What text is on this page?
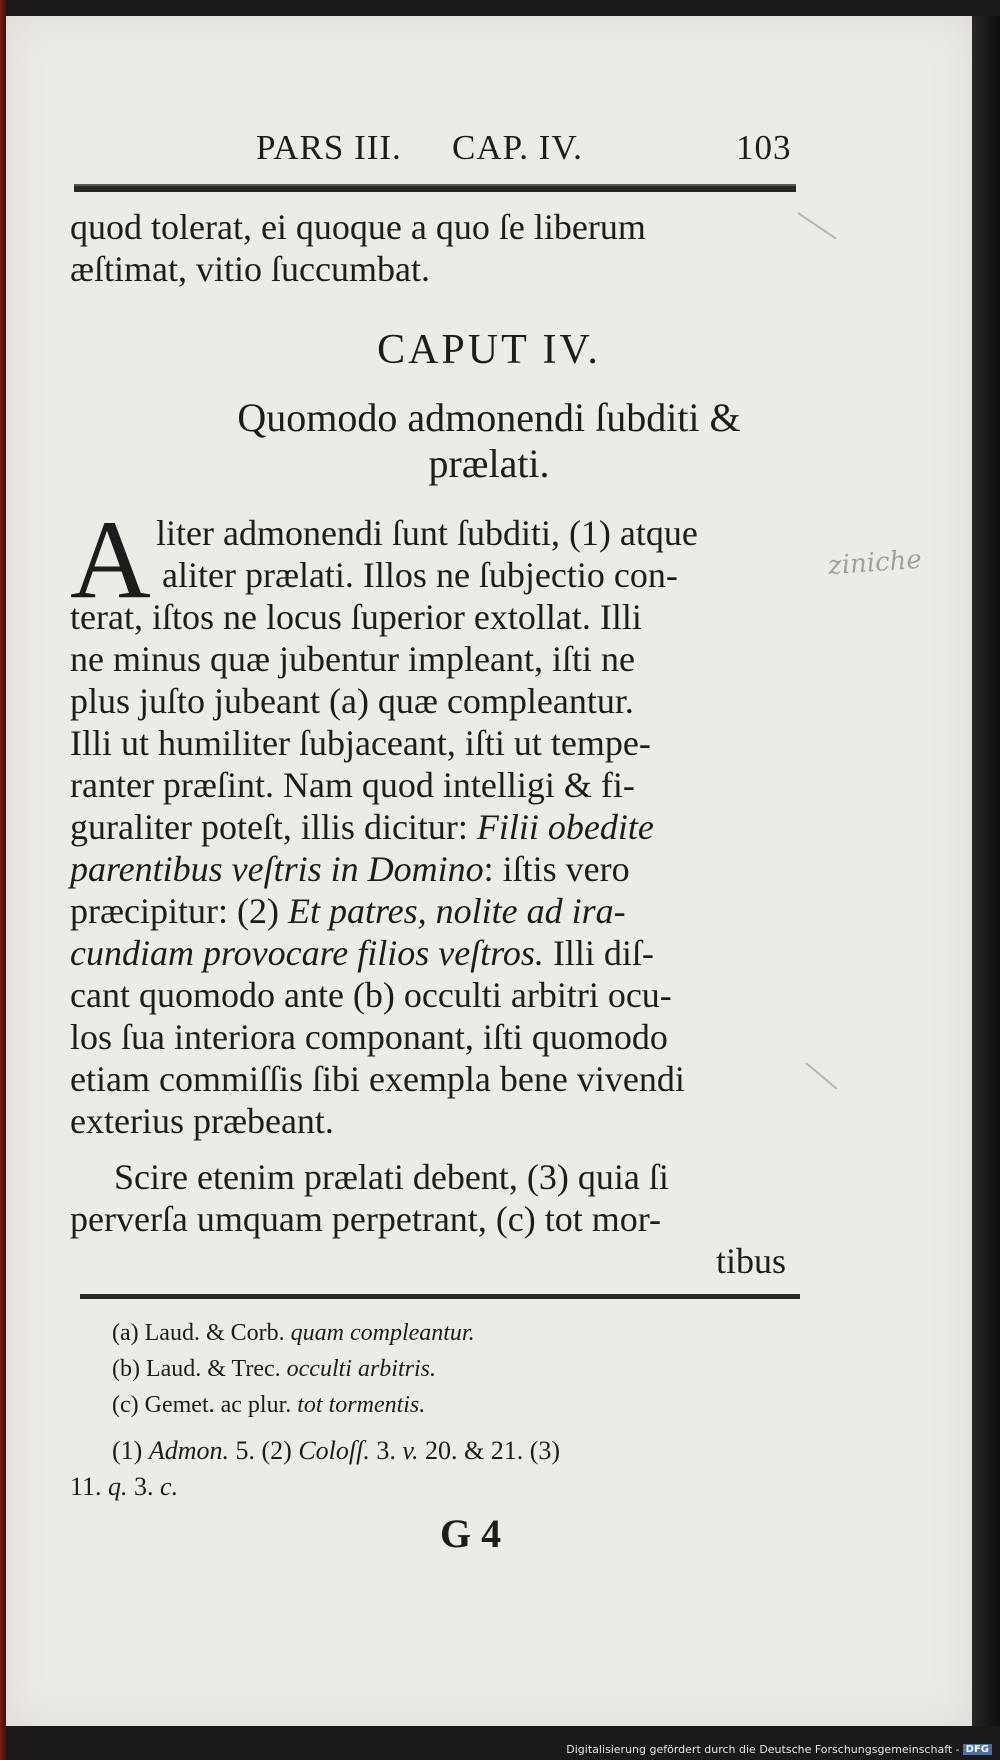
PARS III. CAP. IV.	103
quod tolerat, ei quoque a quo ſe liberum
æſtimat, vitio ſuccumbat.
CAPUT IV.
Quomodo admonendi ſubditi &
prælati.
A liter admonendi ſunt ſubditi, (1) atque
aliter prælati. Illos ne ſubjectio con-
terat, iſtos ne locus ſuperior extollat. Illi
ne minus quæ jubentur impleant, iſti ne
plus juſto jubeant (a) quæ compleantur.
Illi ut humiliter ſubjaceant, iſti ut tempe-
ranter præſint. Nam quod intelligi & fi-
guraliter poteſt, illis dicitur: Filii obedite
parentibus veſtris in Domino: iſtis vero
præcipitur: (2) Et patres, nolite ad ira-
cundiam provocare filios veſtros. Illi diſ-
cant quomodo ante (b) occulti arbitri ocu-
los ſua interiora componant, iſti quomodo
etiam commiſſis ſibi exempla bene vivendi
exterius præbeant.
Scire etenim prælati debent, (3) quia ſi
perverſa umquam perpetrant, (c) tot mor-
tibus
(a) Laud. & Corb. quam compleantur.
(b) Laud. & Trec. occulti arbitris.
(c) Gemet. ac plur. tot tormentis.
(1) Admon. 5. (2) Coloſſ. 3. v. 20. & 21. (3)
11. q. 3. c.
G 4
ziniche
Digitalisierung gefördert durch die Deutsche Forschungsgemeinschaft - DFG
